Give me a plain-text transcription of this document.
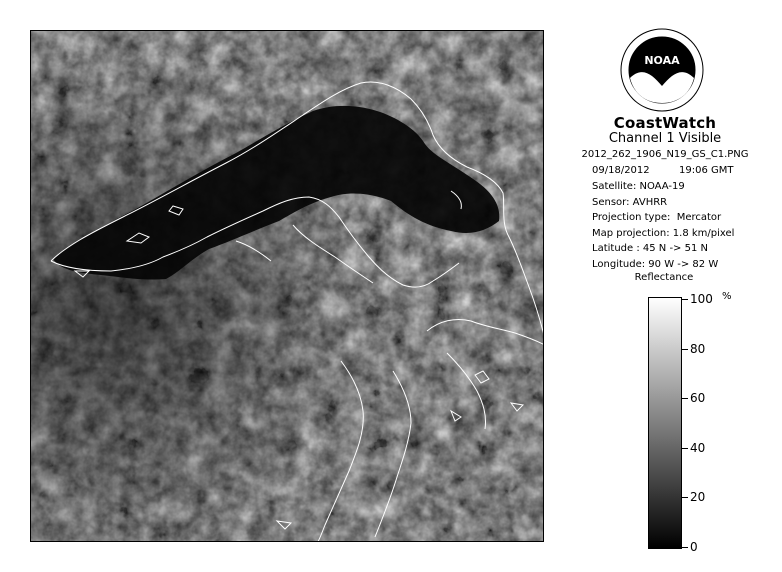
NOAA
CoastWatch
Channel 1 Visible
2012_262_1906_N19_GS_C1.PNG
09/18/2012	19:06 GMT
Satellite: NOAA-19
Sensor: AVHRR
Projection type:  Mercator
Map projection: 1.8 km/pixel
Latitude : 45 N -> 51 N
Longitude: 90 W -> 82 W
Reflectance
%
100
80
60
40
20
0
